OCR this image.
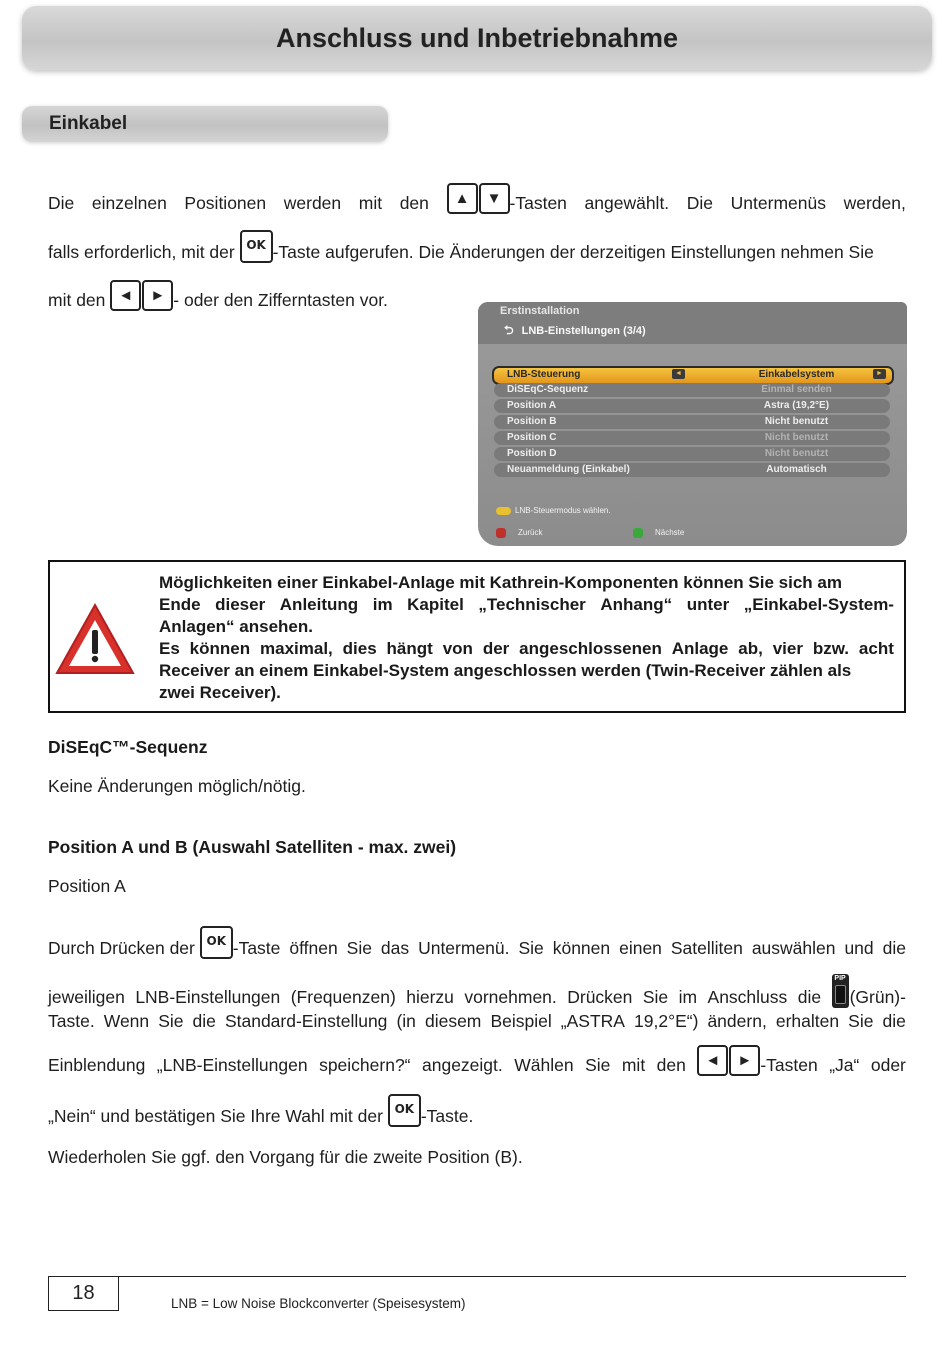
Anschluss und Inbetriebnahme
Einkabel
Die einzelnen Positionen werden mit den	▲	▼ -Tasten angewählt. Die Untermenüs werden,
falls erforderlich, mit der OK -Taste aufgerufen. Die Änderungen der derzeitigen Einstellungen nehmen Sie
mit den ◄	► - oder den Zifferntasten vor.
Erstinstallation
⮌ LNB-Einstellungen (3/4)
LNB-Steuerung	◄	Einkabelsystem	►
DiSEqC-Sequenz	Einmal senden
Position A	Astra (19,2°E)
Position B	Nicht benutzt
Position C	Nicht benutzt
Position D	Nicht benutzt
Neuanmeldung (Einkabel)	Automatisch
LNB-Steuermodus wählen.
Zurück	Nächste
Möglichkeiten einer Einkabel-Anlage mit Kathrein-Komponenten können Sie sich am
Ende dieser Anleitung im Kapitel „Technischer Anhang“ unter „Einkabel-System-
Anlagen“ ansehen.
Es können maximal, dies hängt von der angeschlossenen Anlage ab, vier bzw. acht
Receiver an einem Einkabel-System angeschlossen werden (Twin-Receiver zählen als
zwei Receiver).
DiSEqC™-Sequenz
Keine Änderungen möglich/nötig.
Position A und B (Auswahl Satelliten - max. zwei)
Position A
Durch Drücken der OK -Taste öffnen Sie das Untermenü. Sie können einen Satelliten auswählen und die
jeweiligen LNB-Einstellungen (Frequenzen) hierzu vornehmen. Drücken Sie im Anschluss die
PIP
(Grün)-
Taste. Wenn Sie die Standard-Einstellung (in diesem Beispiel „ASTRA 19,2°E“) ändern, erhalten Sie die
Einblendung „LNB-Einstellungen speichern?“ angezeigt. Wählen Sie mit den	◄	► -Tasten „Ja“ oder
„Nein“ und bestätigen Sie Ihre Wahl mit der OK -Taste.
Wiederholen Sie ggf. den Vorgang für die zweite Position (B).
18	LNB = Low Noise Blockconverter (Speisesystem)
